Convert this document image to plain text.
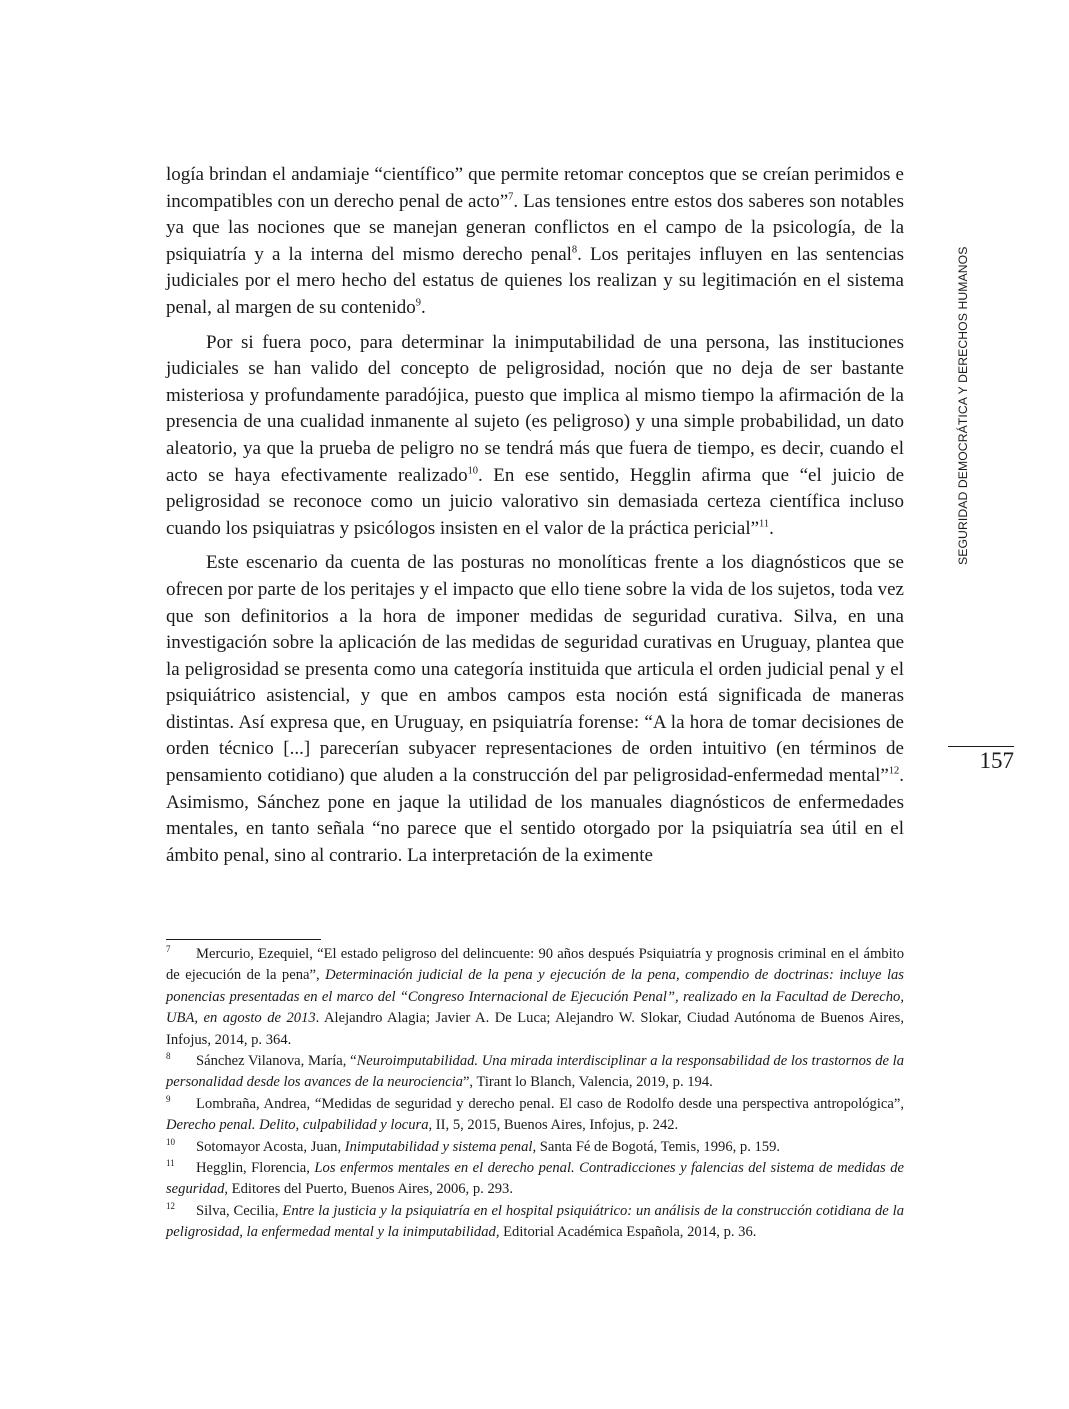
logía brindan el andamiaje “científico” que permite retomar conceptos que se creían perimidos e incompatibles con un derecho penal de acto”$^7$. Las tensiones entre estos dos saberes son notables ya que las nociones que se manejan generan conflictos en el campo de la psicología, de la psiquiatría y a la interna del mismo derecho penal$^8$. Los peritajes influyen en las sentencias judiciales por el mero hecho del estatus de quienes los realizan y su legitimación en el sistema penal, al margen de su contenido$^9$.

Por si fuera poco, para determinar la inimputabilidad de una persona, las instituciones judiciales se han valido del concepto de peligrosidad, noción que no deja de ser bastante misteriosa y profundamente paradójica, puesto que implica al mismo tiempo la afirmación de la presencia de una cualidad inmanente al sujeto (es peligroso) y una simple probabilidad, un dato aleatorio, ya que la prueba de peligro no se tendrá más que fuera de tiempo, es decir, cuando el acto se haya efectivamente realizado$^{10}$. En ese sentido, Hegglin afirma que “el juicio de peligrosidad se reconoce como un juicio valorativo sin demasiada certeza científica incluso cuando los psiquiatras y psicólogos insisten en el valor de la práctica pericial”$^{11}$.

Este escenario da cuenta de las posturas no monolíticas frente a los diagnósticos que se ofrecen por parte de los peritajes y el impacto que ello tiene sobre la vida de los sujetos, toda vez que son definitorios a la hora de imponer medidas de seguridad curativa. Silva, en una investigación sobre la aplicación de las medidas de seguridad curativas en Uruguay, plantea que la peligrosidad se presenta como una categoría instituida que articula el orden judicial penal y el psiquiátrico asistencial, y que en ambos campos esta noción está significada de maneras distintas. Así expresa que, en Uruguay, en psiquiatría forense: “A la hora de tomar decisiones de orden técnico [...] parecerían subyacer representaciones de orden intuitivo (en términos de pensamiento cotidiano) que aluden a la construcción del par peligrosidad-enfermedad mental”$^{12}$. Asimismo, Sánchez pone en jaque la utilidad de los manuales diagnósticos de enfermedades mentales, en tanto señala “no parece que el sentido otorgado por la psiquiatría sea útil en el ámbito penal, sino al contrario. La interpretación de la eximente

SEGURIDAD DEMOCRÁTICA Y DERECHOS HUMANOS
157

7 Mercurio, Ezequiel, “El estado peligroso del delincuente: 90 años después Psiquiatría y prognosis criminal en el ámbito de ejecución de la pena”, Determinación judicial de la pena y ejecución de la pena, compendio de doctrinas: incluye las ponencias presentadas en el marco del “Congreso Internacional de Ejecución Penal”, realizado en la Facultad de Derecho, UBA, en agosto de 2013. Alejandro Alagia; Javier A. De Luca; Alejandro W. Slokar, Ciudad Autónoma de Buenos Aires, Infojus, 2014, p. 364.

8 Sánchez Vilanova, María, “Neuroimputabilidad. Una mirada interdisciplinar a la responsabilidad de los trastornos de la personalidad desde los avances de la neurociencia”, Tirant lo Blanch, Valencia, 2019, p. 194.

9 Lombraña, Andrea, “Medidas de seguridad y derecho penal. El caso de Rodolfo desde una perspectiva antropológica”, Derecho penal. Delito, culpabilidad y locura, II, 5, 2015, Buenos Aires, Infojus, p. 242.

10 Sotomayor Acosta, Juan, Inimputabilidad y sistema penal, Santa Fé de Bogotá, Temis, 1996, p. 159.

11 Hegglin, Florencia, Los enfermos mentales en el derecho penal. Contradicciones y falencias del sistema de medidas de seguridad, Editores del Puerto, Buenos Aires, 2006, p. 293.

12 Silva, Cecilia, Entre la justicia y la psiquiatría en el hospital psiquiátrico: un análisis de la construcción cotidiana de la peligrosidad, la enfermedad mental y la inimputabilidad, Editorial Académica Española, 2014, p. 36.
